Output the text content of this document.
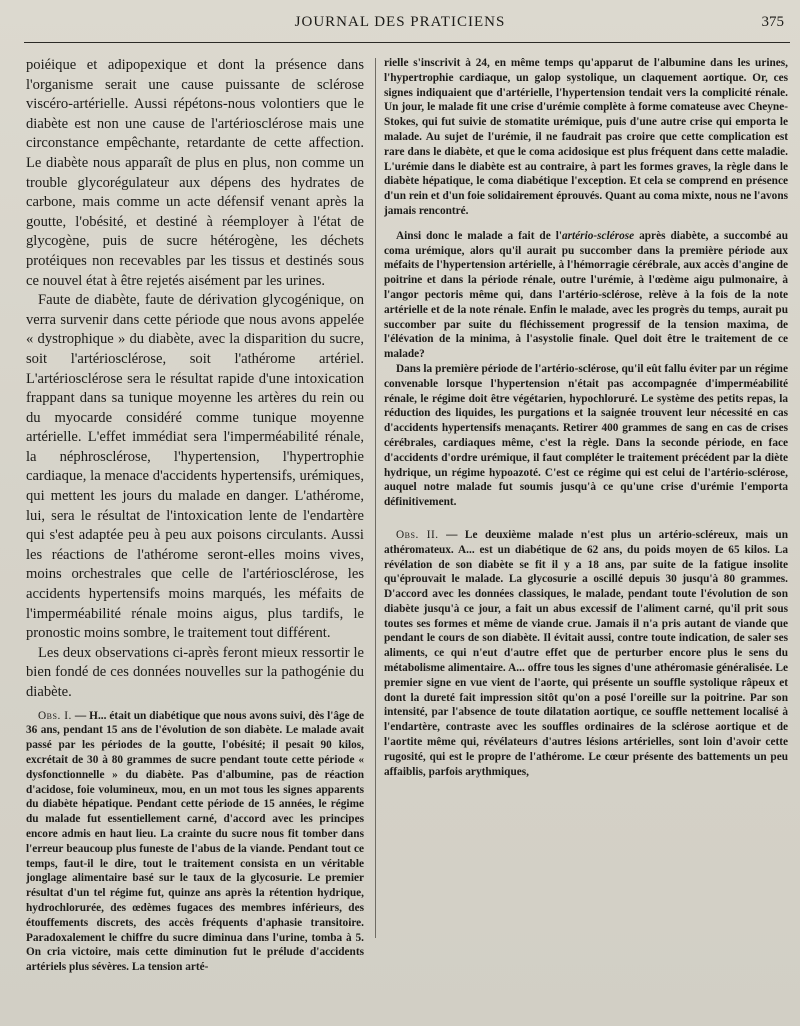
JOURNAL DES PRATICIENS	375

poiéique et adipopexique et dont la présence dans l'organisme serait une cause puissante de sclérose viscéro-artérielle. Aussi répétons-nous volontiers que le diabète est non une cause de l'artériosclérose mais une circonstance empêchante, retardante de cette affection. Le diabète nous apparaît de plus en plus, non comme un trouble glycorégulateur aux dépens des hydrates de carbone, mais comme un acte défensif venant après la goutte, l'obésité, et destiné à réemployer à l'état de glycogène, puis de sucre hétérogène, les déchets protéiques non recevables par les tissus et destinés sous ce nouvel état à être rejetés aisément par les urines.

Faute de diabète, faute de dérivation glycogénique, on verra survenir dans cette période que nous avons appelée « dystrophique » du diabète, avec la disparition du sucre, soit l'artériosclérose, soit l'athérome artériel. L'artériosclérose sera le résultat rapide d'une intoxication frappant dans sa tunique moyenne les artères du rein ou du myocarde considéré comme tunique moyenne artérielle. L'effet immédiat sera l'imperméabilité rénale, la néphrosclérose, l'hypertension, l'hypertrophie cardiaque, la menace d'accidents hypertensifs, urémiques, qui mettent les jours du malade en danger. L'athérome, lui, sera le résultat de l'intoxication lente de l'endartère qui s'est adaptée peu à peu aux poisons circulants. Aussi les réactions de l'athérome seront-elles moins vives, moins orchestrales que celle de l'artériosclérose, les accidents hypertensifs moins marqués, les méfaits de l'imperméabilité rénale moins aigus, plus tardifs, le pronostic moins sombre, le traitement tout différent.

Les deux observations ci-après feront mieux ressortir le bien fondé de ces données nouvelles sur la pathogénie du diabète.

Obs. I. — H... était un diabétique que nous avons suivi, dès l'âge de 36 ans, pendant 15 ans de l'évolution de son diabète. Le malade avait passé par les périodes de la goutte, l'obésité; il pesait 90 kilos, excrétait de 30 à 80 grammes de sucre pendant toute cette période « dysfonctionnelle » du diabète. Pas d'albumine, pas de réaction d'acidose, foie volumineux, mou, en un mot tous les signes apparents du diabète hépatique. Pendant cette période de 15 années, le régime du malade fut essentiellement carné, d'accord avec les principes encore admis en haut lieu. La crainte du sucre nous fit tomber dans l'erreur beaucoup plus funeste de l'abus de la viande. Pendant tout ce temps, faut-il le dire, tout le traitement consista en un véritable jonglage alimentaire basé sur le taux de la glycosurie. Le premier résultat d'un tel régime fut, quinze ans après la rétention hydrique, hydrochlorurée, des œdèmes fugaces des membres inférieurs, des étouffements discrets, des accès fréquents d'aphasie transitoire. Paradoxalement le chiffre du sucre diminua dans l'urine, tomba à 5. On cria victoire, mais cette diminution fut le prélude d'accidents artériels plus sévères. La tension arté-

rielle s'inscrivit à 24, en même temps qu'apparut de l'albumine dans les urines, l'hypertrophie cardiaque, un galop systolique, un claquement aortique. Or, ces signes indiquaient que d'artérielle, l'hypertension tendait vers la complicité rénale. Un jour, le malade fit une crise d'urémie complète à forme comateuse avec Cheyne-Stokes, qui fut suivie de stomatite urémique, puis d'une autre crise qui emporta le malade. Au sujet de l'urémie, il ne faudrait pas croire que cette complication est rare dans le diabète, et que le coma acidosique est plus fréquent dans cette maladie. L'urémie dans le diabète est au contraire, à part les formes graves, la règle dans le diabète hépatique, le coma diabétique l'exception. Et cela se comprend en présence d'un rein et d'un foie solidairement éprouvés. Quant au coma mixte, nous ne l'avons jamais rencontré.

Ainsi donc le malade a fait de l'artério-sclérose après diabète, a succombé au coma urémique, alors qu'il aurait pu succomber dans la première période aux méfaits de l'hypertension artérielle, à l'hémorragie cérébrale, aux accès d'angine de poitrine et dans la période rénale, outre l'urémie, à l'œdème aigu pulmonaire, à l'angor pectoris même qui, dans l'artério-sclérose, relève à la fois de la note artérielle et de la note rénale. Enfin le malade, avec les progrès du temps, aurait pu succomber par suite du fléchissement progressif de la tension maxima, de l'élévation de la minima, à l'asystolie finale. Quel doit être le traitement de ce malade?

Dans la première période de l'artério-sclérose, qu'il eût fallu éviter par un régime convenable lorsque l'hypertension n'était pas accompagnée d'imperméabilité rénale, le régime doit être végétarien, hypochloruré. Le système des petits repas, la réduction des liquides, les purgations et la saignée trouvent leur nécessité en cas d'accidents hypertensifs menaçants. Retirer 400 grammes de sang en cas de crises cérébrales, cardiaques même, c'est la règle. Dans la seconde période, en face d'accidents d'ordre urémique, il faut compléter le traitement précédent par la diète hydrique, un régime hypoazoté. C'est ce régime qui est celui de l'artério-sclérose, auquel notre malade fut soumis jusqu'à ce qu'une crise d'urémie l'emporta définitivement.

Obs. II. — Le deuxième malade n'est plus un artério-scléreux, mais un athéromateux. A... est un diabétique de 62 ans, du poids moyen de 65 kilos. La révélation de son diabète se fit il y a 18 ans, par suite de la fatigue insolite qu'éprouvait le malade. La glycosurie a oscillé depuis 30 jusqu'à 80 grammes. D'accord avec les données classiques, le malade, pendant toute l'évolution de son diabète jusqu'à ce jour, a fait un abus excessif de l'aliment carné, qu'il prit sous toutes ses formes et même de viande crue. Jamais il n'a pris autant de viande que pendant le cours de son diabète. Il évitait aussi, contre toute indication, de saler ses aliments, ce qui n'eut d'autre effet que de perturber encore plus le sens du métabolisme alimentaire. A... offre tous les signes d'une athéromasie généralisée. Le premier signe en vue vient de l'aorte, qui présente un souffle systolique râpeux et dont la dureté fait impression sitôt qu'on a posé l'oreille sur la poitrine. Par son intensité, par l'absence de toute dilatation aortique, ce souffle nettement localisé à l'endartère, contraste avec les souffles ordinaires de la sclérose aortique et de l'aortite même qui, révélateurs d'autres lésions artérielles, sont loin d'avoir cette rugosité, qui est le propre de l'athérome. Le cœur présente des battements un peu affaiblis, parfois arythmiques,
